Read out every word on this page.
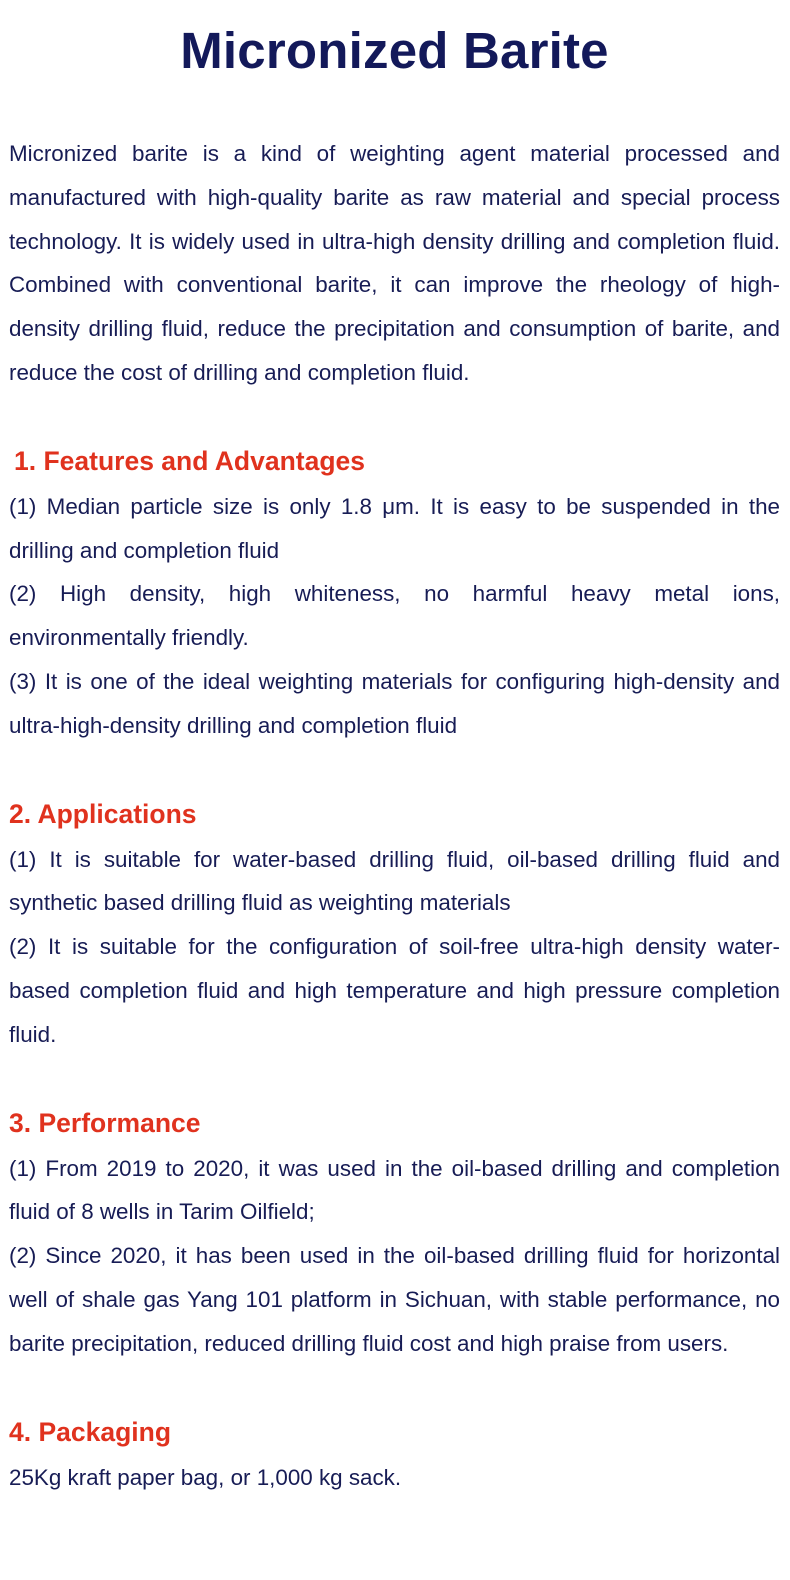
Micronized Barite

Micronized barite is a kind of weighting agent material processed and manufactured with high-quality barite as raw material and special process technology. It is widely used in ultra-high density drilling and completion fluid. Combined with conventional barite, it can improve the rheology of high-density drilling fluid, reduce the precipitation and consumption of barite, and reduce the cost of drilling and completion fluid.

1. Features and Advantages

(1) Median particle size is only 1.8 μm. It is easy to be suspended in the drilling and completion fluid

(2) High density, high whiteness, no harmful heavy metal ions, environmentally friendly.

(3) It is one of the ideal weighting materials for configuring high-density and ultra-high-density drilling and completion fluid

2. Applications

(1) It is suitable for water-based drilling fluid, oil-based drilling fluid and synthetic based drilling fluid as weighting materials

(2) It is suitable for the configuration of soil-free ultra-high density water-based completion fluid and high temperature and high pressure completion fluid.

3. Performance

(1) From 2019 to 2020, it was used in the oil-based drilling and completion fluid of 8 wells in Tarim Oilfield;

(2) Since 2020, it has been used in the oil-based drilling fluid for horizontal well of shale gas Yang 101 platform in Sichuan, with stable performance, no barite precipitation, reduced drilling fluid cost and high praise from users.

4. Packaging

25Kg kraft paper bag, or 1,000 kg sack.
